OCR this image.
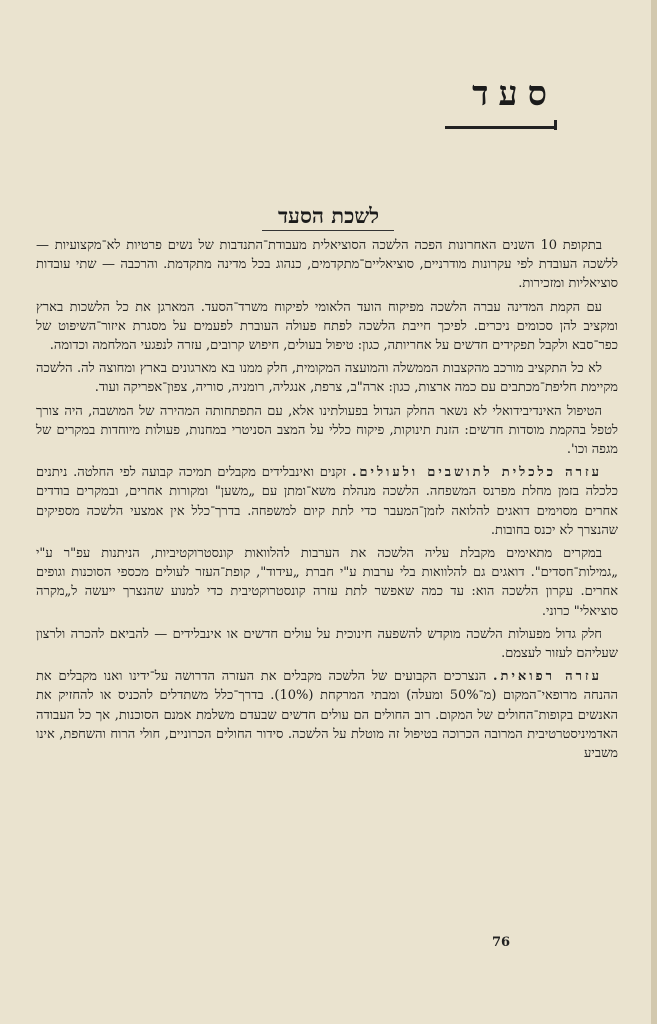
סעד
לשכת הסעד

בתקופת 10 השנים האחרונות הפכה הלשכה הסוציאלית מעבודת־התנדבות של נשים פרטיות לא־מקצועיות — ללשכה העובדת לפי עקרונות מודרניים, סוציאליים־מתקדמים, כנהוג בכל מדינה מתקדמת. והרכבה — שתי עובדות סוציאליות ומזכירות.

עם הקמת המדינה עברה הלשכה מפיקוח הועד הלאומי לפיקוח משרד־הסעד. המארגן את כל הלשכות בארץ ומקציב להן סכומים ניכרים. לפיכך חייבת הלשכה לפתח פעולה העוברת לפעמים על מסגרת איזור־השיפוט של כפר־סבא ולקבל תפקידים חדשים על אחריותה, כגון: טיפול בעולים, חיפוש קרובים, עזרה לנפגעי המלחמה וכדומה.

לא כל התקציב מורכב מהקצבות הממשלה והמועצה המקומית, חלק ממנו בא מארגונים בארץ ומחוצה לה. הלשכה מקיימת חליפת־מכתבים עם כמה ארצות, כגון: ארה"ב, צרפת, אנגליה, רומניה, סוריה, צפון־אפריקה ועוד.

הטיפול האינדיבידואלי לא נשאר החלק הגדול בפעולתינו אלא, עם התפתחותה המהירה של המושבה, היה צורך לטפל בהקמת מוסדות חדשים: הזנת תינוקות, פיקוח כללי על המצב הסניטרי במחנות, פעולות מיוחדות במקרים של מגפה וכו'.

עזרה כלכלית לתושבים ולעולים. זקנים ואינבלידים מקבלים תמיכה קבועה לפי החלטה. ניתנים כלכלה בזמן מחלת מפרנס המשפחה. הלשכה מנהלת משא־ומתן עם „משען" ומקורות אחרים, ובמקרים בודדים אחרים מסוימים דואגים להלואה לזמן־המעבר כדי לתת קיום למשפחה. בדרך־כלל אין אמצעי הלשכה מספיקים שהנצרך לא יכנס בחובות.

במקרים מתאימים מקבלת עליה הלשכה את הערבות להלוואות קונסטרוקטיביות, הניתנות עפ"ר ע"י „גמילות־חסדים". דואגים גם להלוואות בלי ערבות ע"י חברת „עידוד", קופת־העזר לעולים מכספי הסוכנות וגופים אחרים. עקרון הלשכה הוא: עד כמה שאפשר לתת עזרה קונסטרוקטיבית כדי למנוע שהנצרך ייעשה ל„מקרה סוציאלי" כרוני.

חלק גדול מפעולות הלשכה מוקדש להשפעה חינוכית על עולים חדשים או אינבלידים — להביאם להכרה ולרצון שעליהם לעזור לעצמם.

עזרה רפואית. הנצרכים הקבועים של הלשכה מקבלים את העזרה הדרושה על־ידינו ואנו מקבלים את ההנחה מרופאי־המקום (מ־50% ומעלה) ומבתי המרקחת (10%). בדרך־כלל משתדלים להכניס או להחזיק את האנשים בקופות־החולים של המקום. רוב החולים הם עולים חדשים שבעדם משלמת אמנם הסוכנות, אך כל העבודה האדמיניסטרטיבית המרובה הכרוכה בטיפול זה מוטלת על הלשכה. סידור החולים הכרוניים, חולי הרוח והשחפת, אינו משביע

76
